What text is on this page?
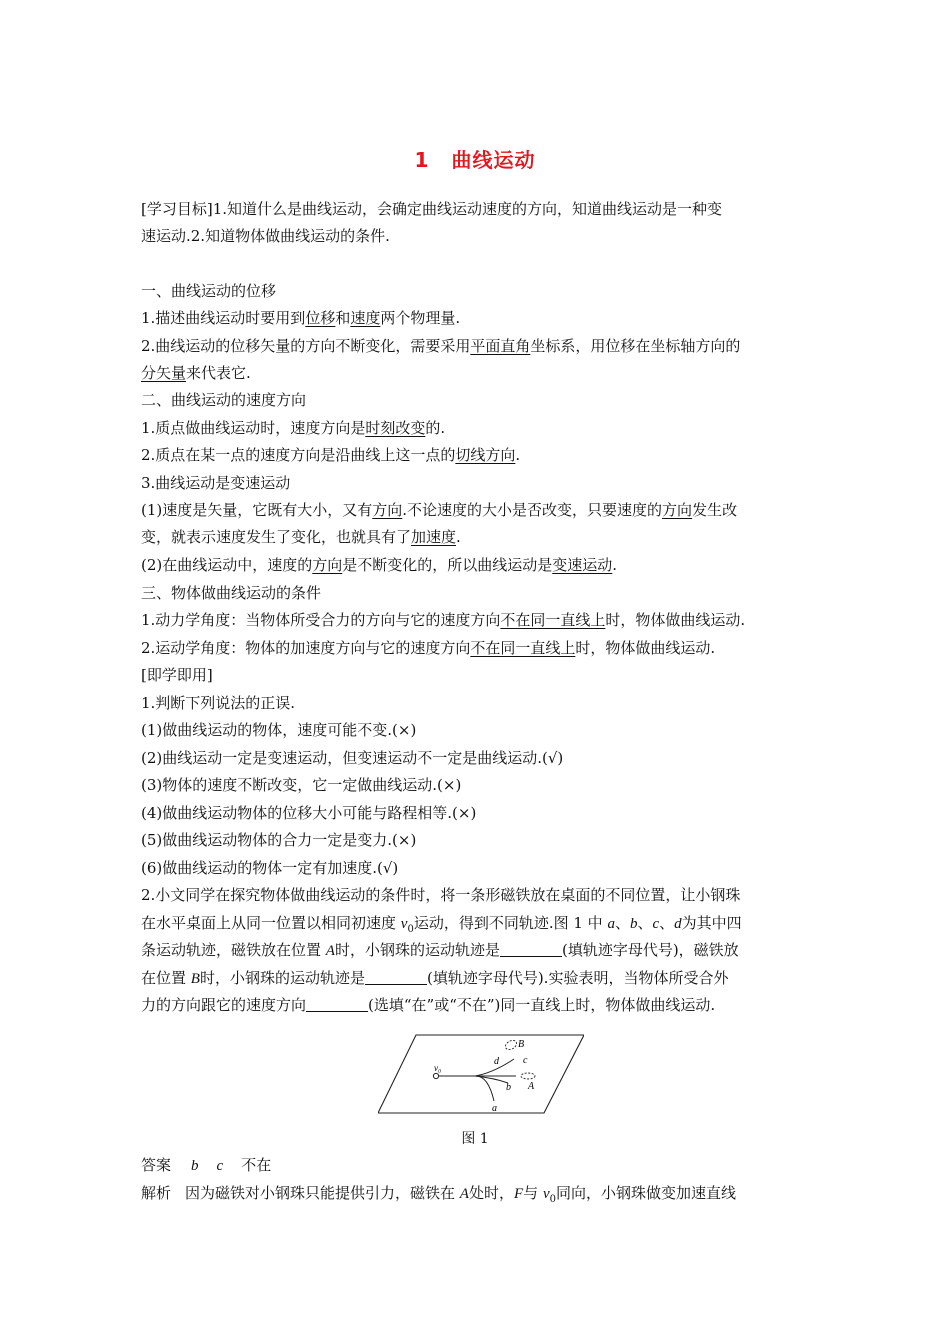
1 曲线运动
[学习目标]1.知道什么是曲线运动，会确定曲线运动速度的方向，知道曲线运动是一种变
速运动.2.知道物体做曲线运动的条件.
一、曲线运动的位移
1.描述曲线运动时要用到位移和速度两个物理量.
2.曲线运动的位移矢量的方向不断变化，需要采用平面直角坐标系，用位移在坐标轴方向的
分矢量来代表它.
二、曲线运动的速度方向
1.质点做曲线运动时，速度方向是时刻改变的.
2.质点在某一点的速度方向是沿曲线上这一点的切线方向.
3.曲线运动是变速运动
(1)速度是矢量，它既有大小，又有方向.不论速度的大小是否改变，只要速度的方向发生改
变，就表示速度发生了变化，也就具有了加速度.
(2)在曲线运动中，速度的方向是不断变化的，所以曲线运动是变速运动.
三、物体做曲线运动的条件
1.动力学角度：当物体所受合力的方向与它的速度方向不在同一直线上时，物体做曲线运动.
2.运动学角度：物体的加速度方向与它的速度方向不在同一直线上时，物体做曲线运动.
[即学即用]
1.判断下列说法的正误.
(1)做曲线运动的物体，速度可能不变.(×)
(2)曲线运动一定是变速运动，但变速运动不一定是曲线运动.(√)
(3)物体的速度不断改变，它一定做曲线运动.(×)
(4)做曲线运动物体的位移大小可能与路程相等.(×)
(5)做曲线运动物体的合力一定是变力.(×)
(6)做曲线运动的物体一定有加速度.(√)
2.小文同学在探究物体做曲线运动的条件时，将一条形磁铁放在桌面的不同位置，让小钢珠
在水平桌面上从同一位置以相同初速度 $v_0$运动，得到不同轨迹.图 1 中 a、b、c、d为其中四
条运动轨迹，磁铁放在位置 A时，小钢珠的运动轨迹是	(填轨迹字母代号)，磁铁放
在位置 B时，小钢珠的运动轨迹是	(填轨迹字母代号).实验表明，当物体所受合外
力的方向跟它的速度方向	(选填“在”或“不在”)同一直线上时，物体做曲线运动.
答案 b c 不在
解析 因为磁铁对小钢珠只能提供引力，磁铁在 A处时，F与 $v_0$同向，小钢珠做变加速直线
v₀
a
b
c
d
B
A
图 1
